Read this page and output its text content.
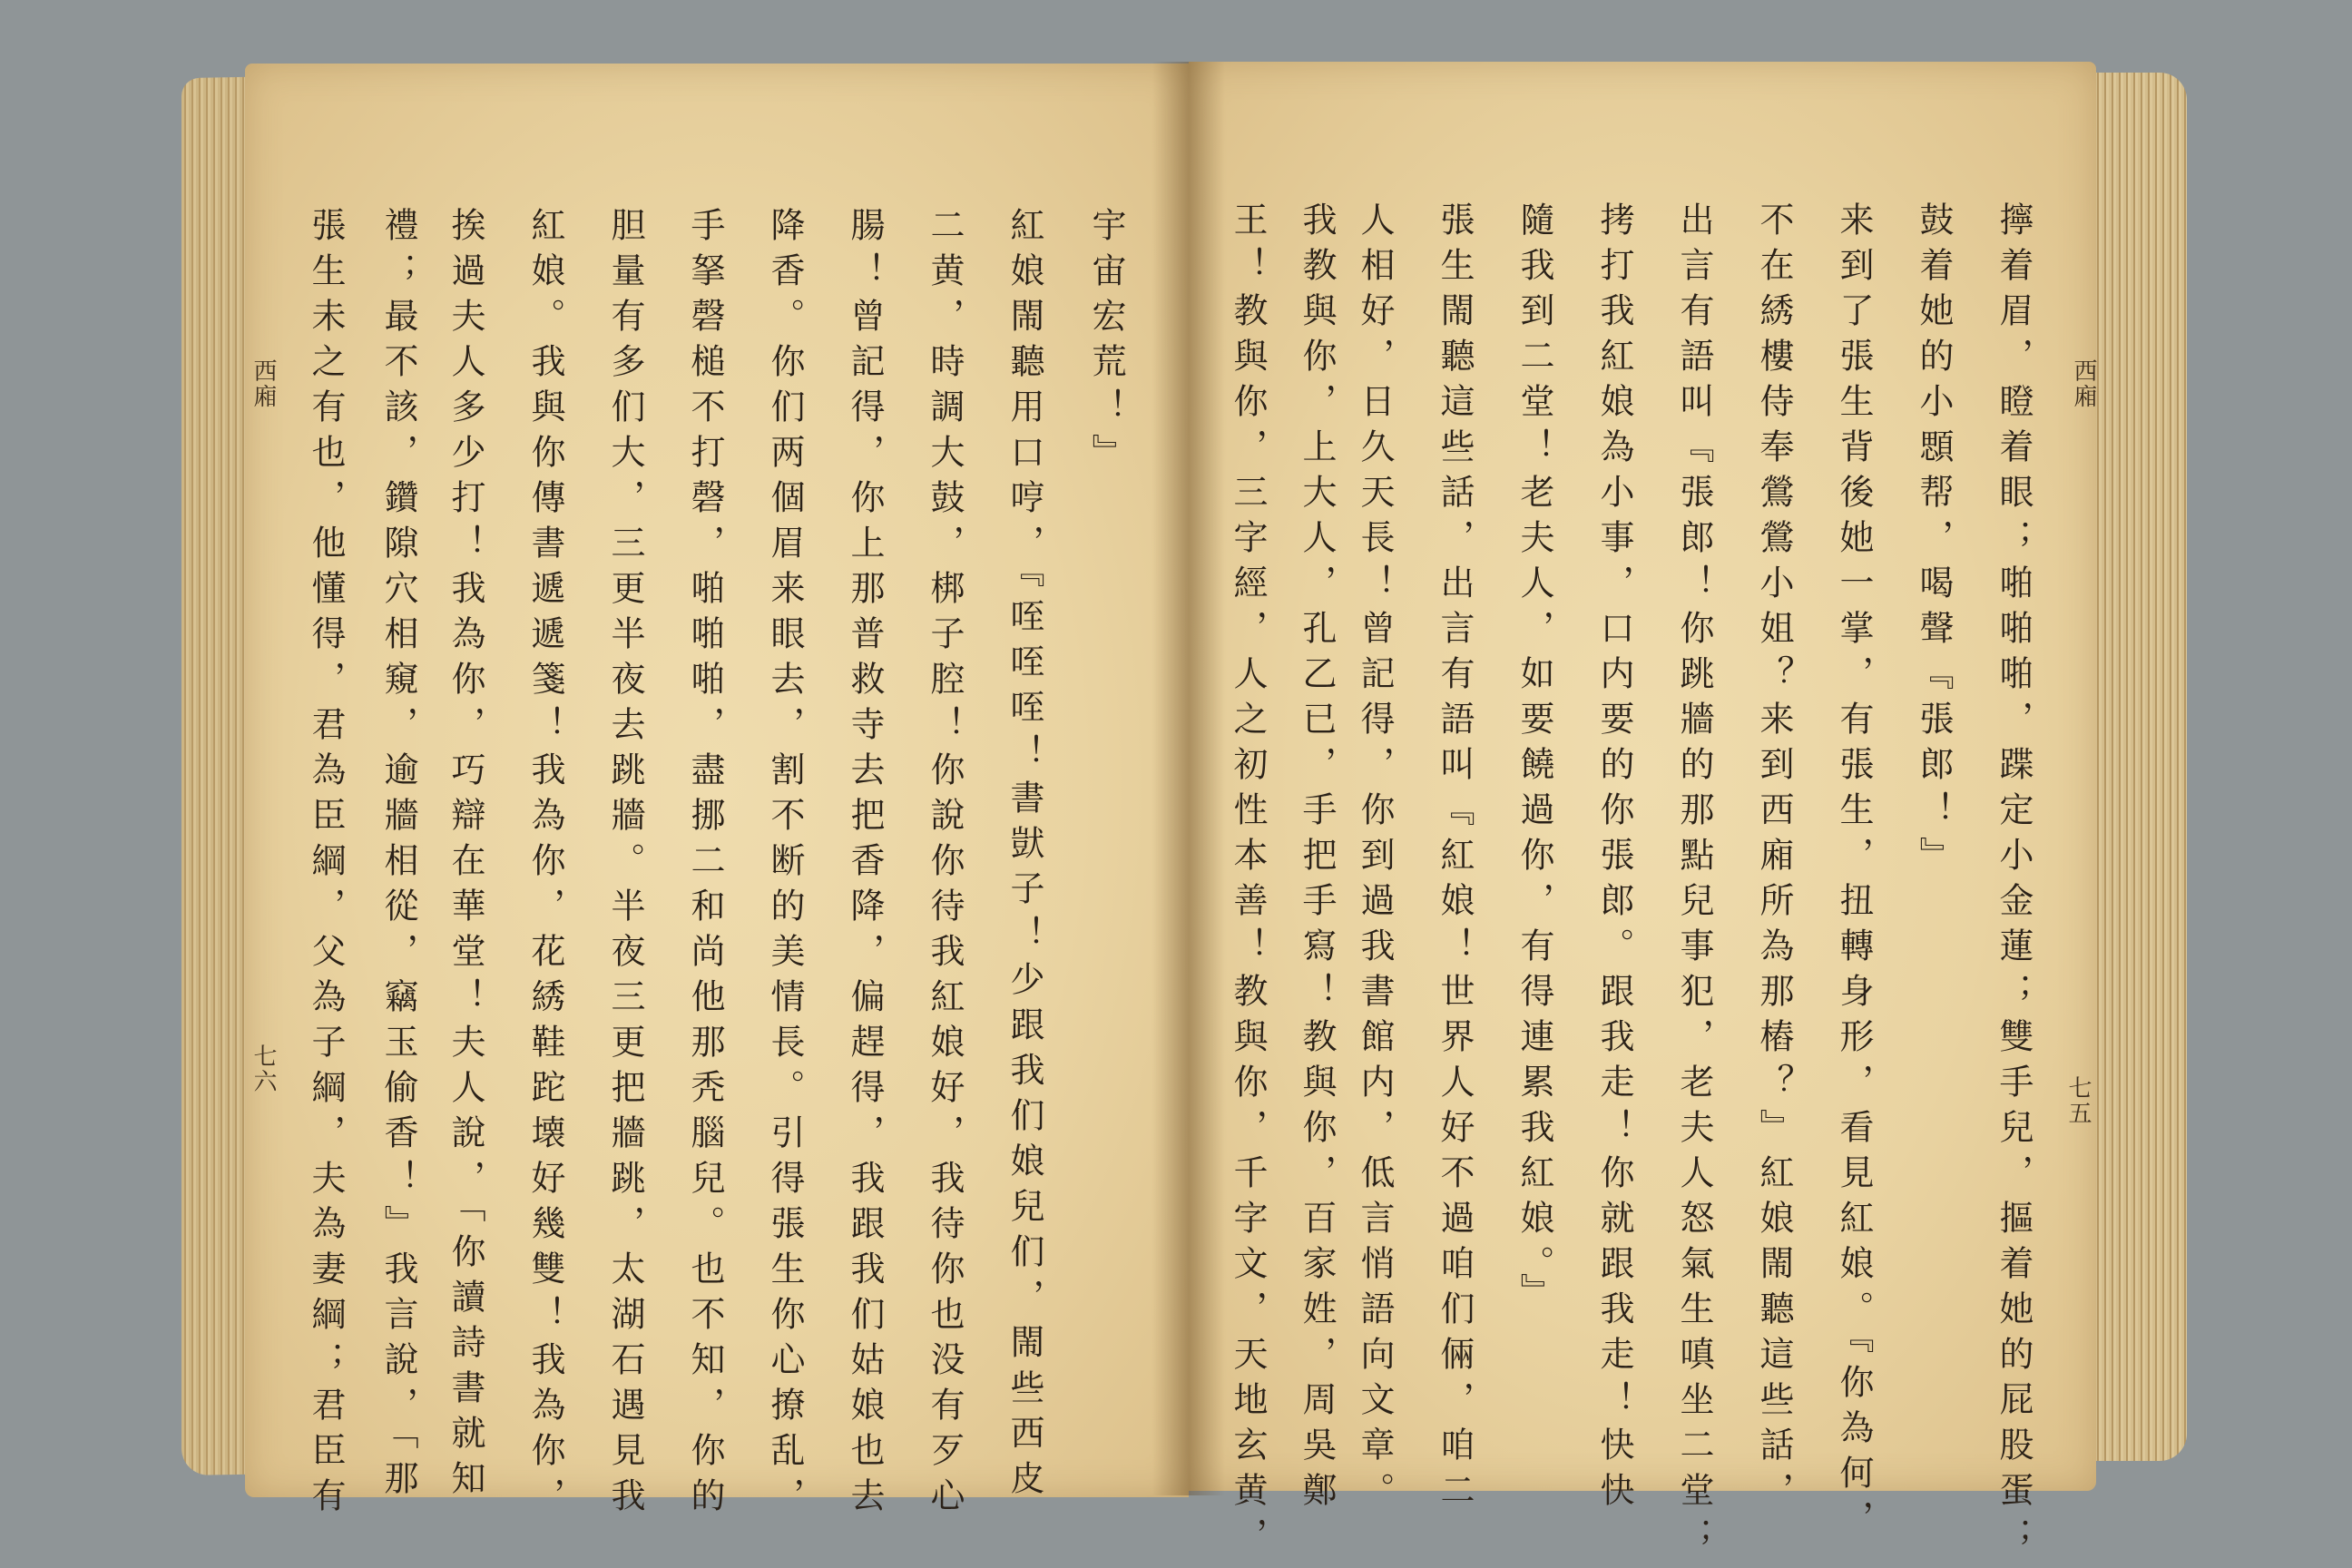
西廂
七六
西廂
七五
宇宙宏荒！』
紅娘閙聽用口哼，『咥咥咥！書獃子！少跟我们娘兒们，閙些西皮
二黄，時調大鼓，梆子腔！你說你待我紅娘好，我待你也没有歹心
腸！曾記得，你上那普救寺去把香降，偏趕得，我跟我们姑娘也去
降香。你们两個眉来眼去，割不断的美情長。引得張生你心撩乱，
手拏磬槌不打磬，啪啪啪，盡挪二和尚他那秃腦兒。也不知，你的
胆量有多们大，三更半夜去跳牆。半夜三更把牆跳，太湖石遇見我
紅娘。我與你傳書遞遞箋！我為你，花綉鞋跎壊好幾雙！我為你，
挨過夫人多少打！我為你，巧辯在華堂！夫人說，「你讀詩書就知
禮；最不該，鑽隙穴相窺，逾牆相從，竊玉偷香！』我言說，「那
張生未之有也，他懂得，君為臣綱，父為子綱，夫為妻綱；君臣有	擰着眉，瞪着眼；啪啪啪，蹀定小金蓮；雙手兒，摳着她的屁股蛋；
鼓着她的小顋帮，喝聲『張郎！』
来到了張生背後她一掌，有張生，扭轉身形，看見紅娘。『你為何，
不在綉樓侍奉鶯鶯小姐？来到西廂所為那樁？』紅娘閙聽這些話，
出言有語叫『張郎！你跳牆的那點兒事犯，老夫人怒氣生嗔坐二堂；
拷打我紅娘為小事，口内要的你張郎。跟我走！你就跟我走！快快
隨我到二堂！老夫人，如要饒過你，有得連累我紅娘。』
張生閙聽這些話，出言有語叫『紅娘！世界人好不過咱们倆，咱二
人相好，日久天長！曾記得，你到過我書館内，低言悄語向文章。
我教與你，上大人，孔乙已，手把手寫！教與你，百家姓，周吳鄭
王！教與你，三字經，人之初性本善！教與你，千字文，天地玄黄，
